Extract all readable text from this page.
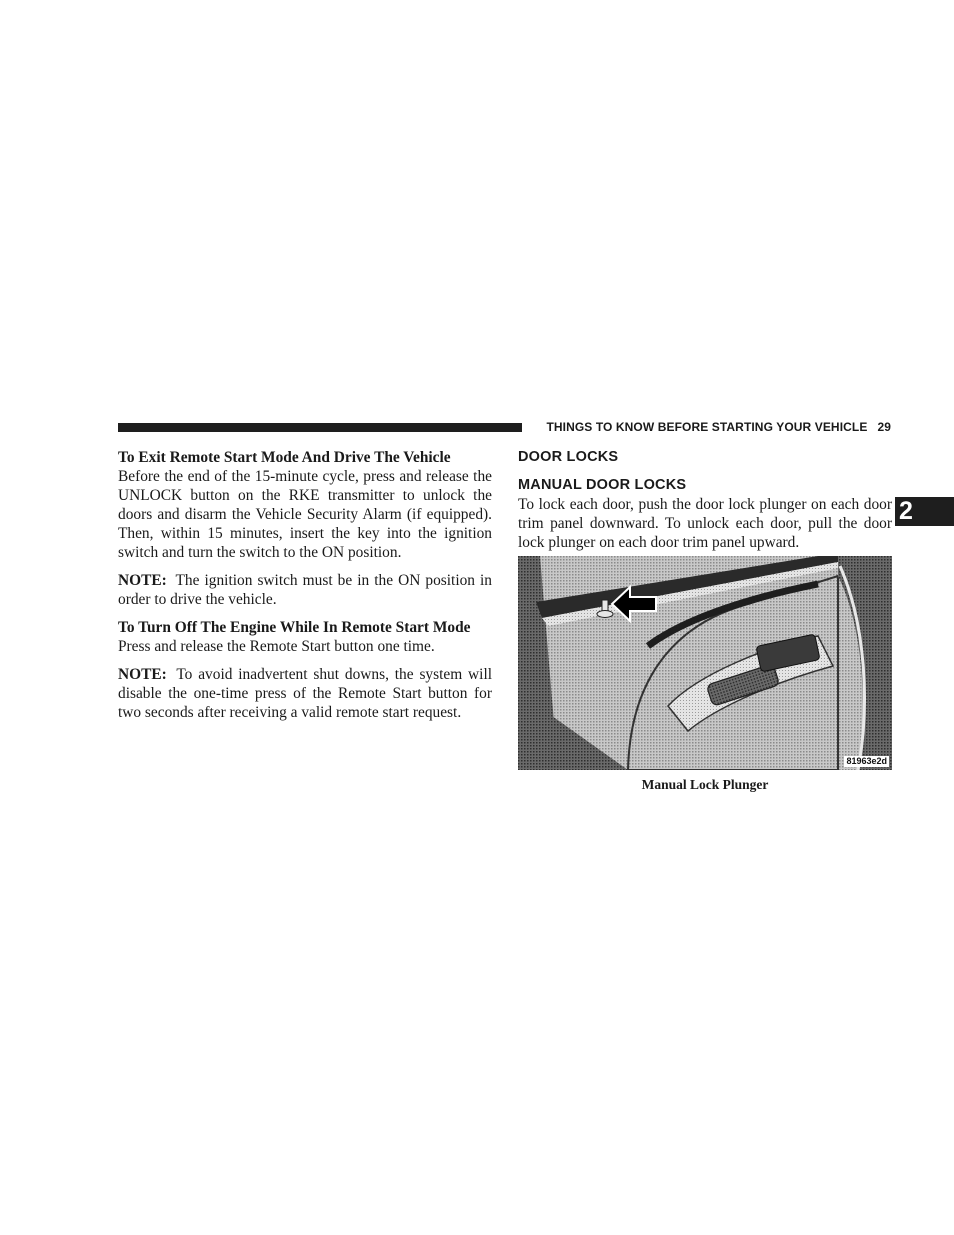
THINGS TO KNOW BEFORE STARTING YOUR VEHICLE 29
2
To Exit Remote Start Mode And Drive The Vehicle

Before the end of the 15-minute cycle, press and release the UNLOCK button on the RKE transmitter to unlock the doors and disarm the Vehicle Security Alarm (if equipped). Then, within 15 minutes, insert the key into the ignition switch and turn the switch to the ON position.

NOTE: The ignition switch must be in the ON position in order to drive the vehicle.

To Turn Off The Engine While In Remote Start Mode

Press and release the Remote Start button one time.

NOTE: To avoid inadvertent shut downs, the system will disable the one-time press of the Remote Start button for two seconds after receiving a valid remote start request.

DOOR LOCKS
MANUAL DOOR LOCKS

To lock each door, push the door lock plunger on each door trim panel downward. To unlock each door, pull the door lock plunger on each door trim panel upward.

81963e2d
Manual Lock Plunger
